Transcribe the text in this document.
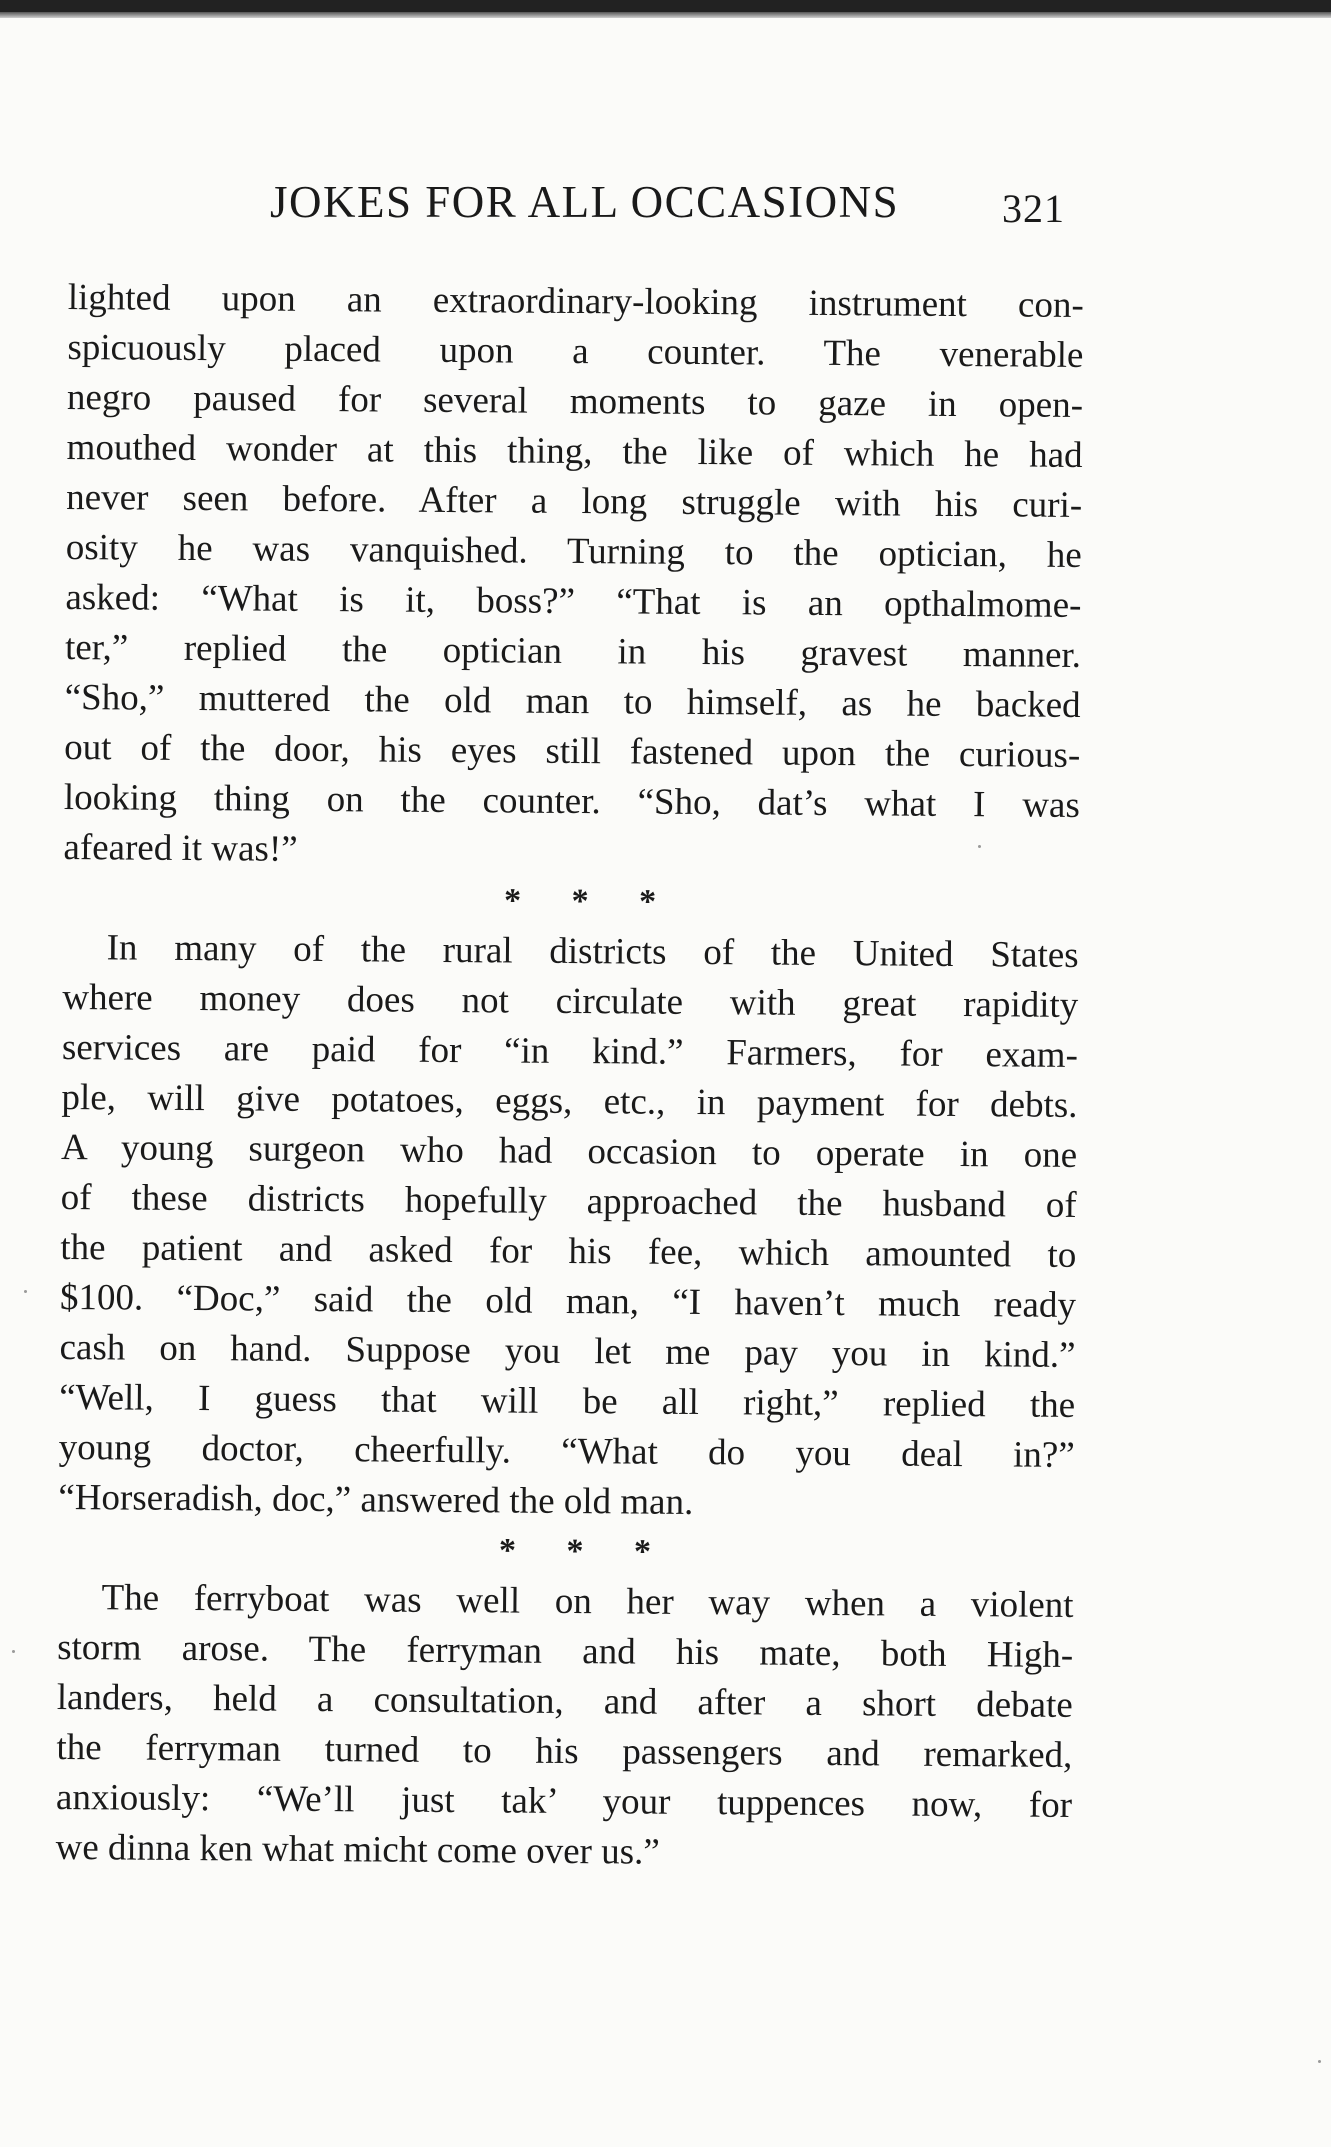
JOKES FOR ALL OCCASIONS	321
lighted upon an extraordinary-looking instrument con-
spicuously placed upon a counter. The venerable
negro paused for several moments to gaze in open-
mouthed wonder at this thing, the like of which he had
never seen before. After a long struggle with his curi-
osity he was vanquished. Turning to the optician, he
asked: “What is it, boss?” “That is an opthalmome-
ter,” replied the optician in his gravest manner.
“Sho,” muttered the old man to himself, as he backed
out of the door, his eyes still fastened upon the curious-
looking thing on the counter. “Sho, dat’s what I was
afeared it was!”
* * *
In many of the rural districts of the United States
where money does not circulate with great rapidity
services are paid for “in kind.” Farmers, for exam-
ple, will give potatoes, eggs, etc., in payment for debts.
A young surgeon who had occasion to operate in one
of these districts hopefully approached the husband of
the patient and asked for his fee, which amounted to
$100. “Doc,” said the old man, “I haven’t much ready
cash on hand. Suppose you let me pay you in kind.”
“Well, I guess that will be all right,” replied the
young doctor, cheerfully. “What do you deal in?”
“Horseradish, doc,” answered the old man.
* * *
The ferryboat was well on her way when a violent
storm arose. The ferryman and his mate, both High-
landers, held a consultation, and after a short debate
the ferryman turned to his passengers and remarked,
anxiously: “We’ll just tak’ your tuppences now, for
we dinna ken what micht come over us.”
